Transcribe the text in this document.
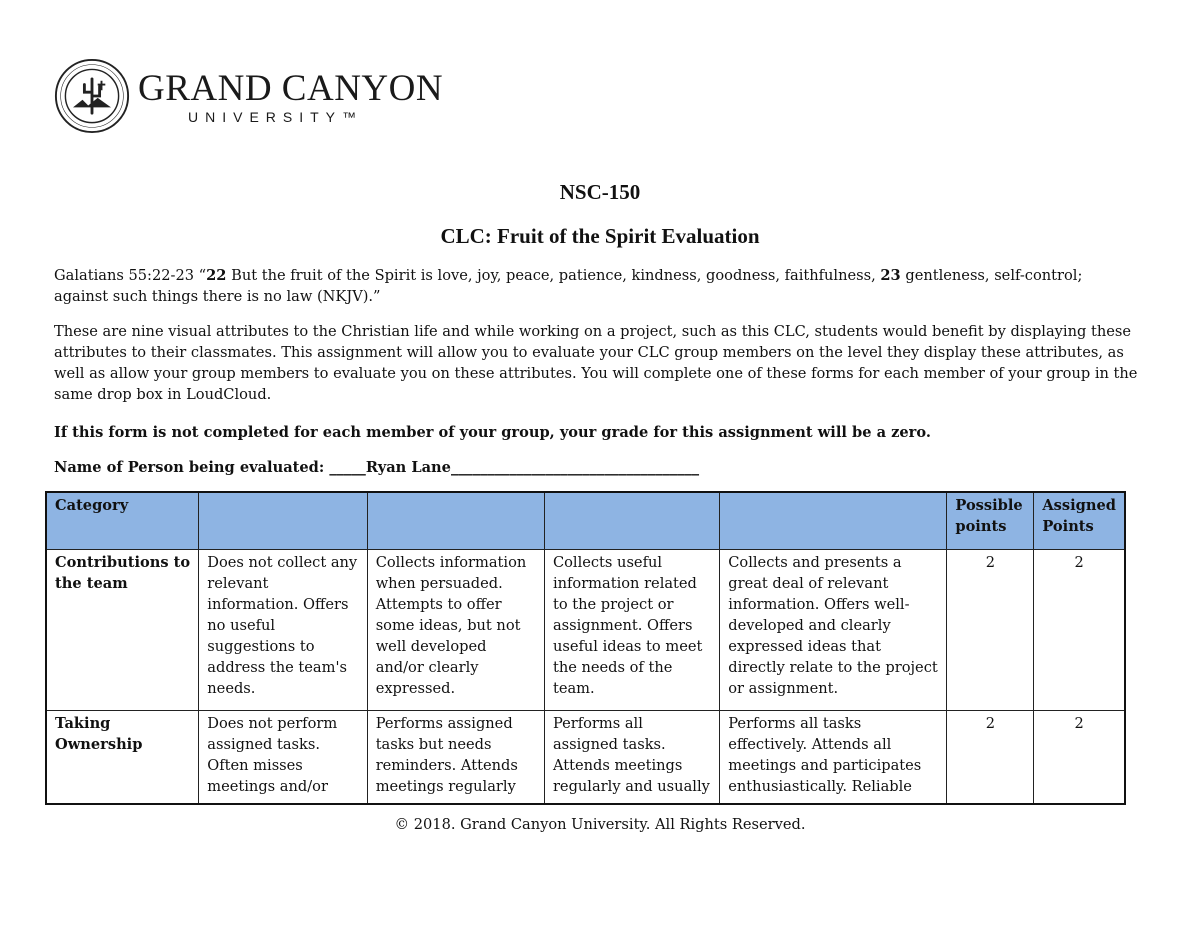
GRAND CANYON
UNIVERSITY™
NSC-150
CLC: Fruit of the Spirit Evaluation

Galatians 55:22-23 “22 But the fruit of the Spirit is love, joy, peace, patience, kindness, goodness, faithfulness, 23 gentleness, self-control; against such things there is no law (NKJV).”

These are nine visual attributes to the Christian life and while working on a project, such as this CLC, students would benefit by displaying these attributes to their classmates. This assignment will allow you to evaluate your CLC group members on the level they display these attributes, as well as allow your group members to evaluate you on these attributes. You will complete one of these forms for each member of your group in the same drop box in LoudCloud.

If this form is not completed for each member of your group, your grade for this assignment will be a zero.

Name of Person being evaluated: _____Ryan Lane__________________________________

Category					Possible points	Assigned Points
Contributions to the team	Does not collect any relevant information. Offers no useful suggestions to address the team's needs.	Collects information when persuaded. Attempts to offer some ideas, but not well developed and/or clearly expressed.	Collects useful information related to the project or assignment. Offers useful ideas to meet the needs of the team.	Collects and presents a great deal of relevant information. Offers well-developed and clearly expressed ideas that directly relate to the project or assignment.	2	2
Taking Ownership	Does not perform assigned tasks. Often misses meetings and/or	Performs assigned tasks but needs reminders. Attends meetings regularly	Performs all assigned tasks. Attends meetings regularly and usually	Performs all tasks effectively. Attends all meetings and participates enthusiastically. Reliable	2	2
© 2018. Grand Canyon University. All Rights Reserved.
